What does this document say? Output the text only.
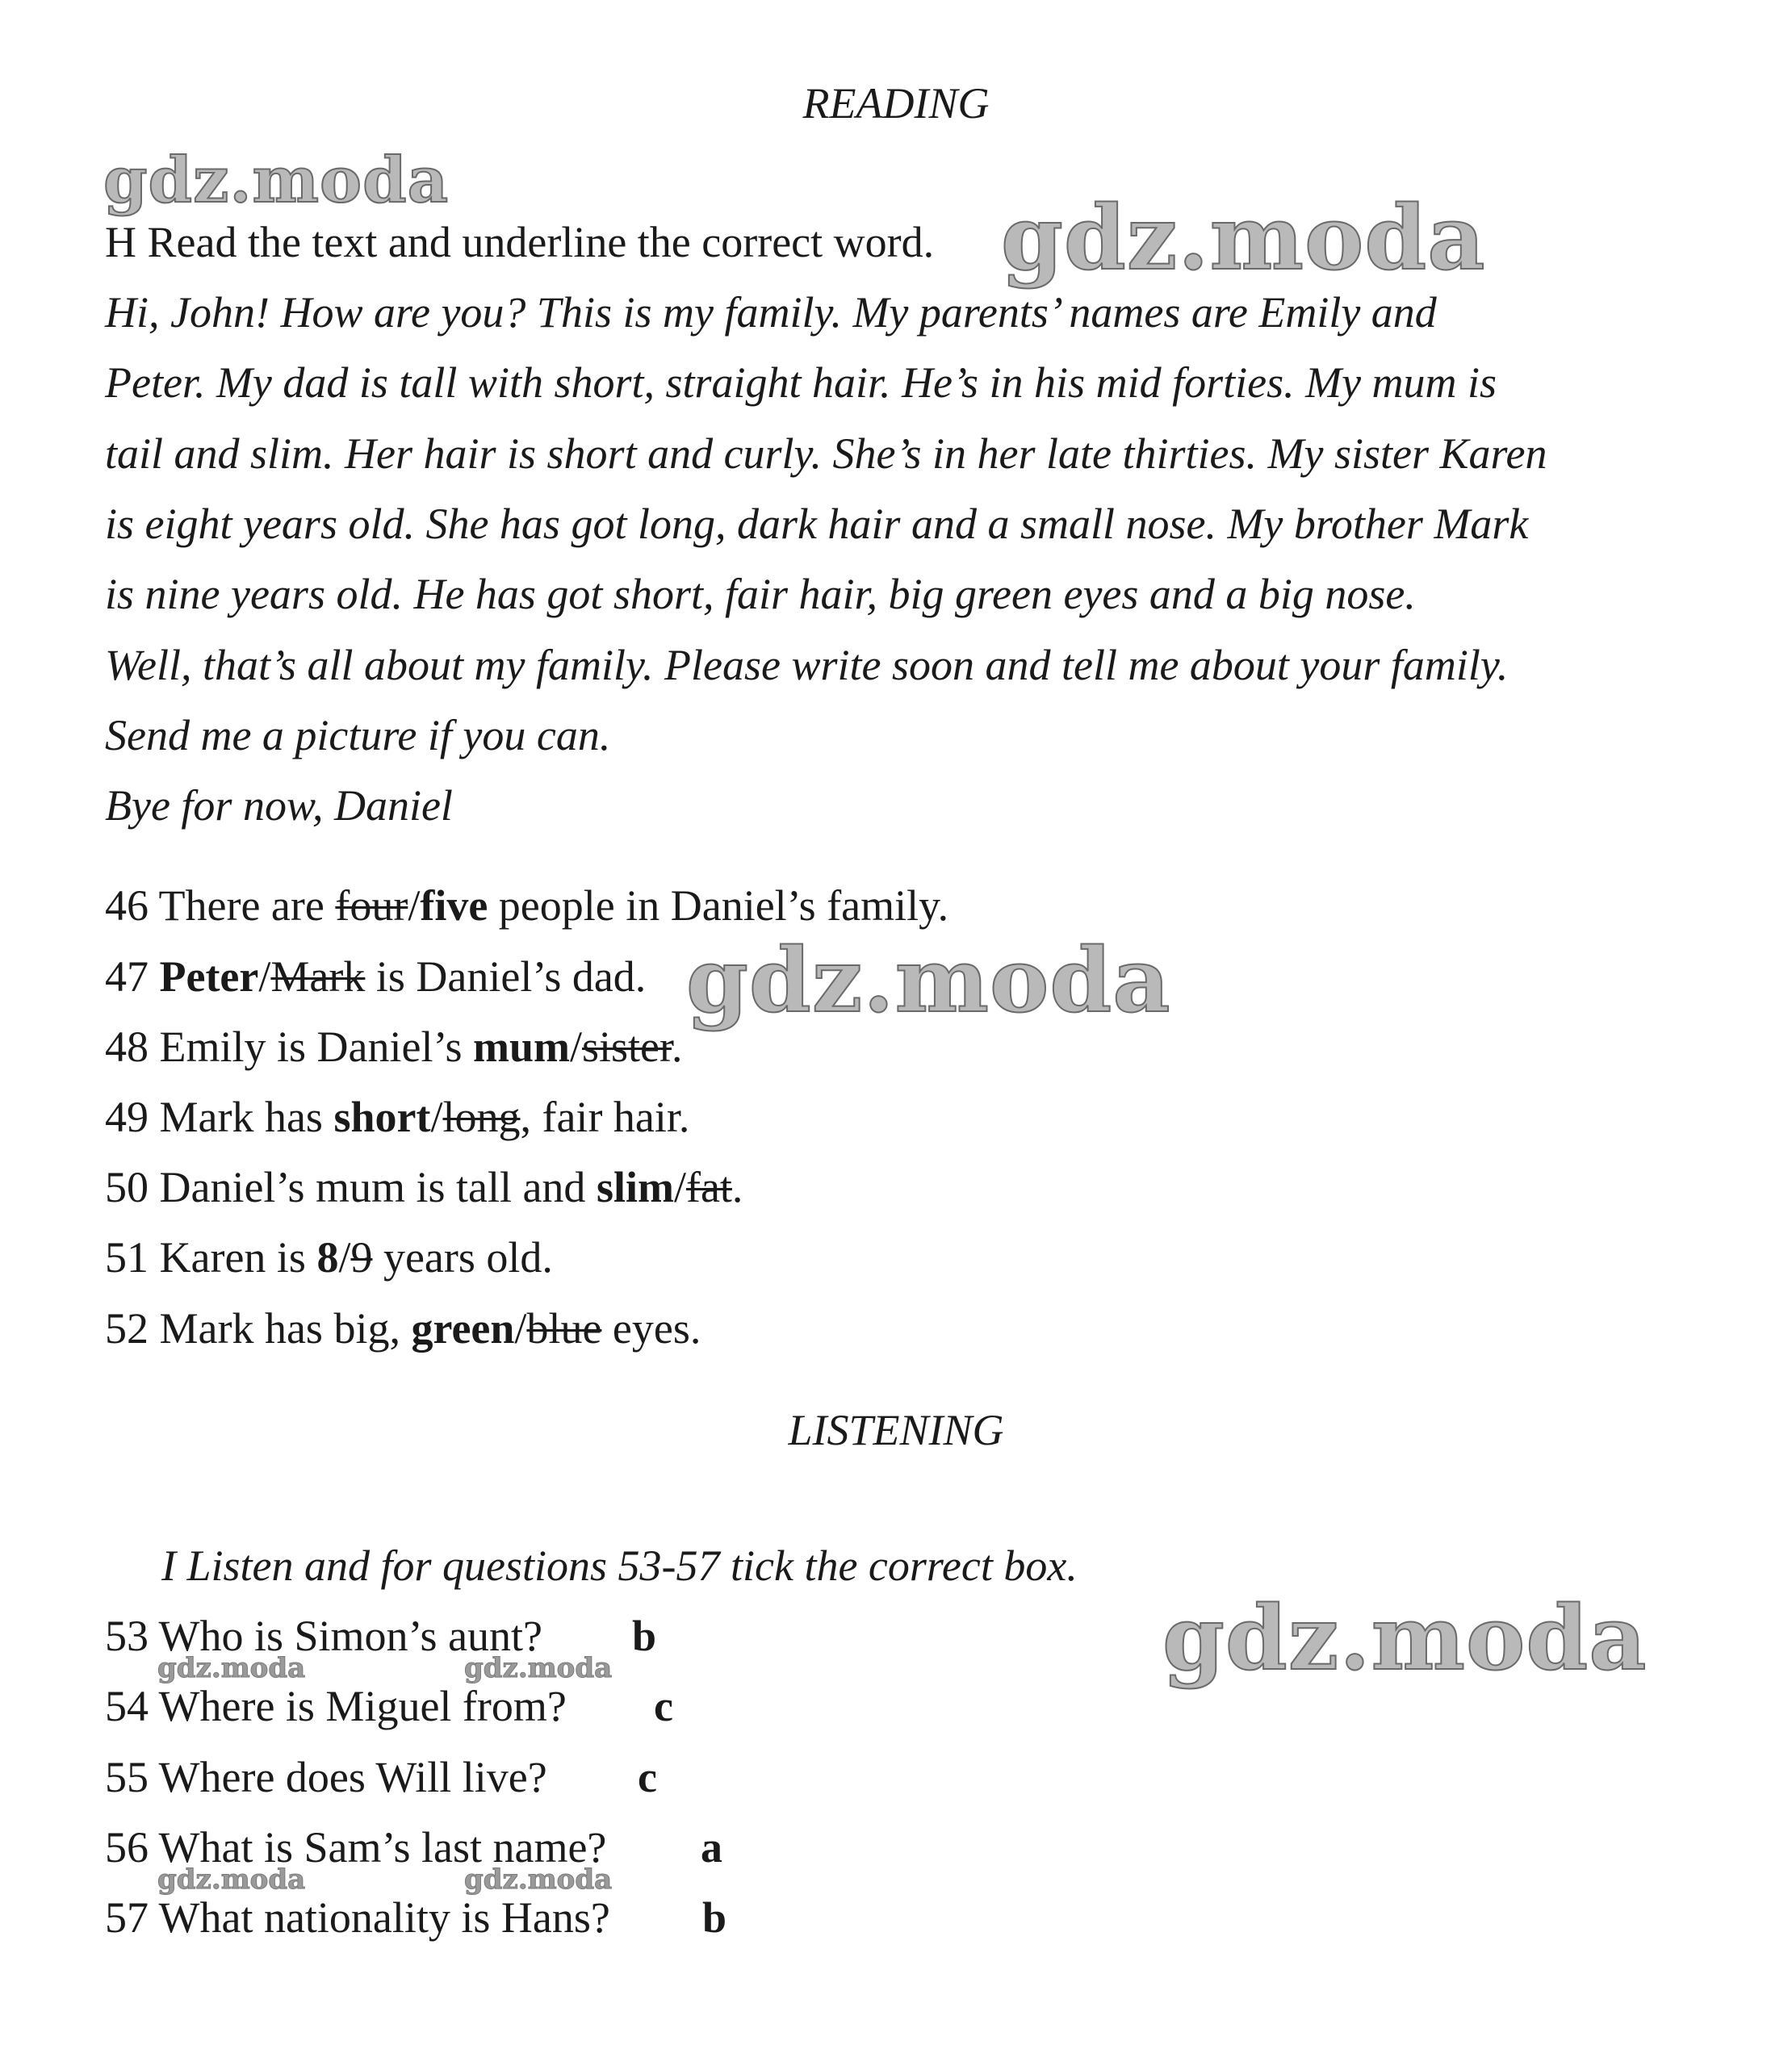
READING
H Read the text and underline the correct word.
Hi, John! How are you? This is my family. My parents’ names are Emily and
Peter. My dad is tall with short, straight hair. He’s in his mid forties. My mum is
tail and slim. Her hair is short and curly. She’s in her late thirties. My sister Karen
is eight years old. She has got long, dark hair and a small nose. My brother Mark
is nine years old. He has got short, fair hair, big green eyes and a big nose.
Well, that’s all about my family. Please write soon and tell me about your family.
Send me a picture if you can.
Bye for now, Daniel
46 There are four/five people in Daniel’s family.
47 Peter/Mark is Daniel’s dad.
48 Emily is Daniel’s mum/sister.
49 Mark has short/long, fair hair.
50 Daniel’s mum is tall and slim/fat.
51 Karen is 8/9 years old.
52 Mark has big, green/blue eyes.
LISTENING
I Listen and for questions 53-57 tick the correct box.
53 Who is Simon’s aunt? b
54 Where is Miguel from? c
55 Where does Will live? c
56 What is Sam’s last name? a
57 What nationality is Hans? b
gdz.moda
gdz.moda
gdz.moda
gdz.moda
gdz.moda	gdz.moda
gdz.moda	gdz.moda
